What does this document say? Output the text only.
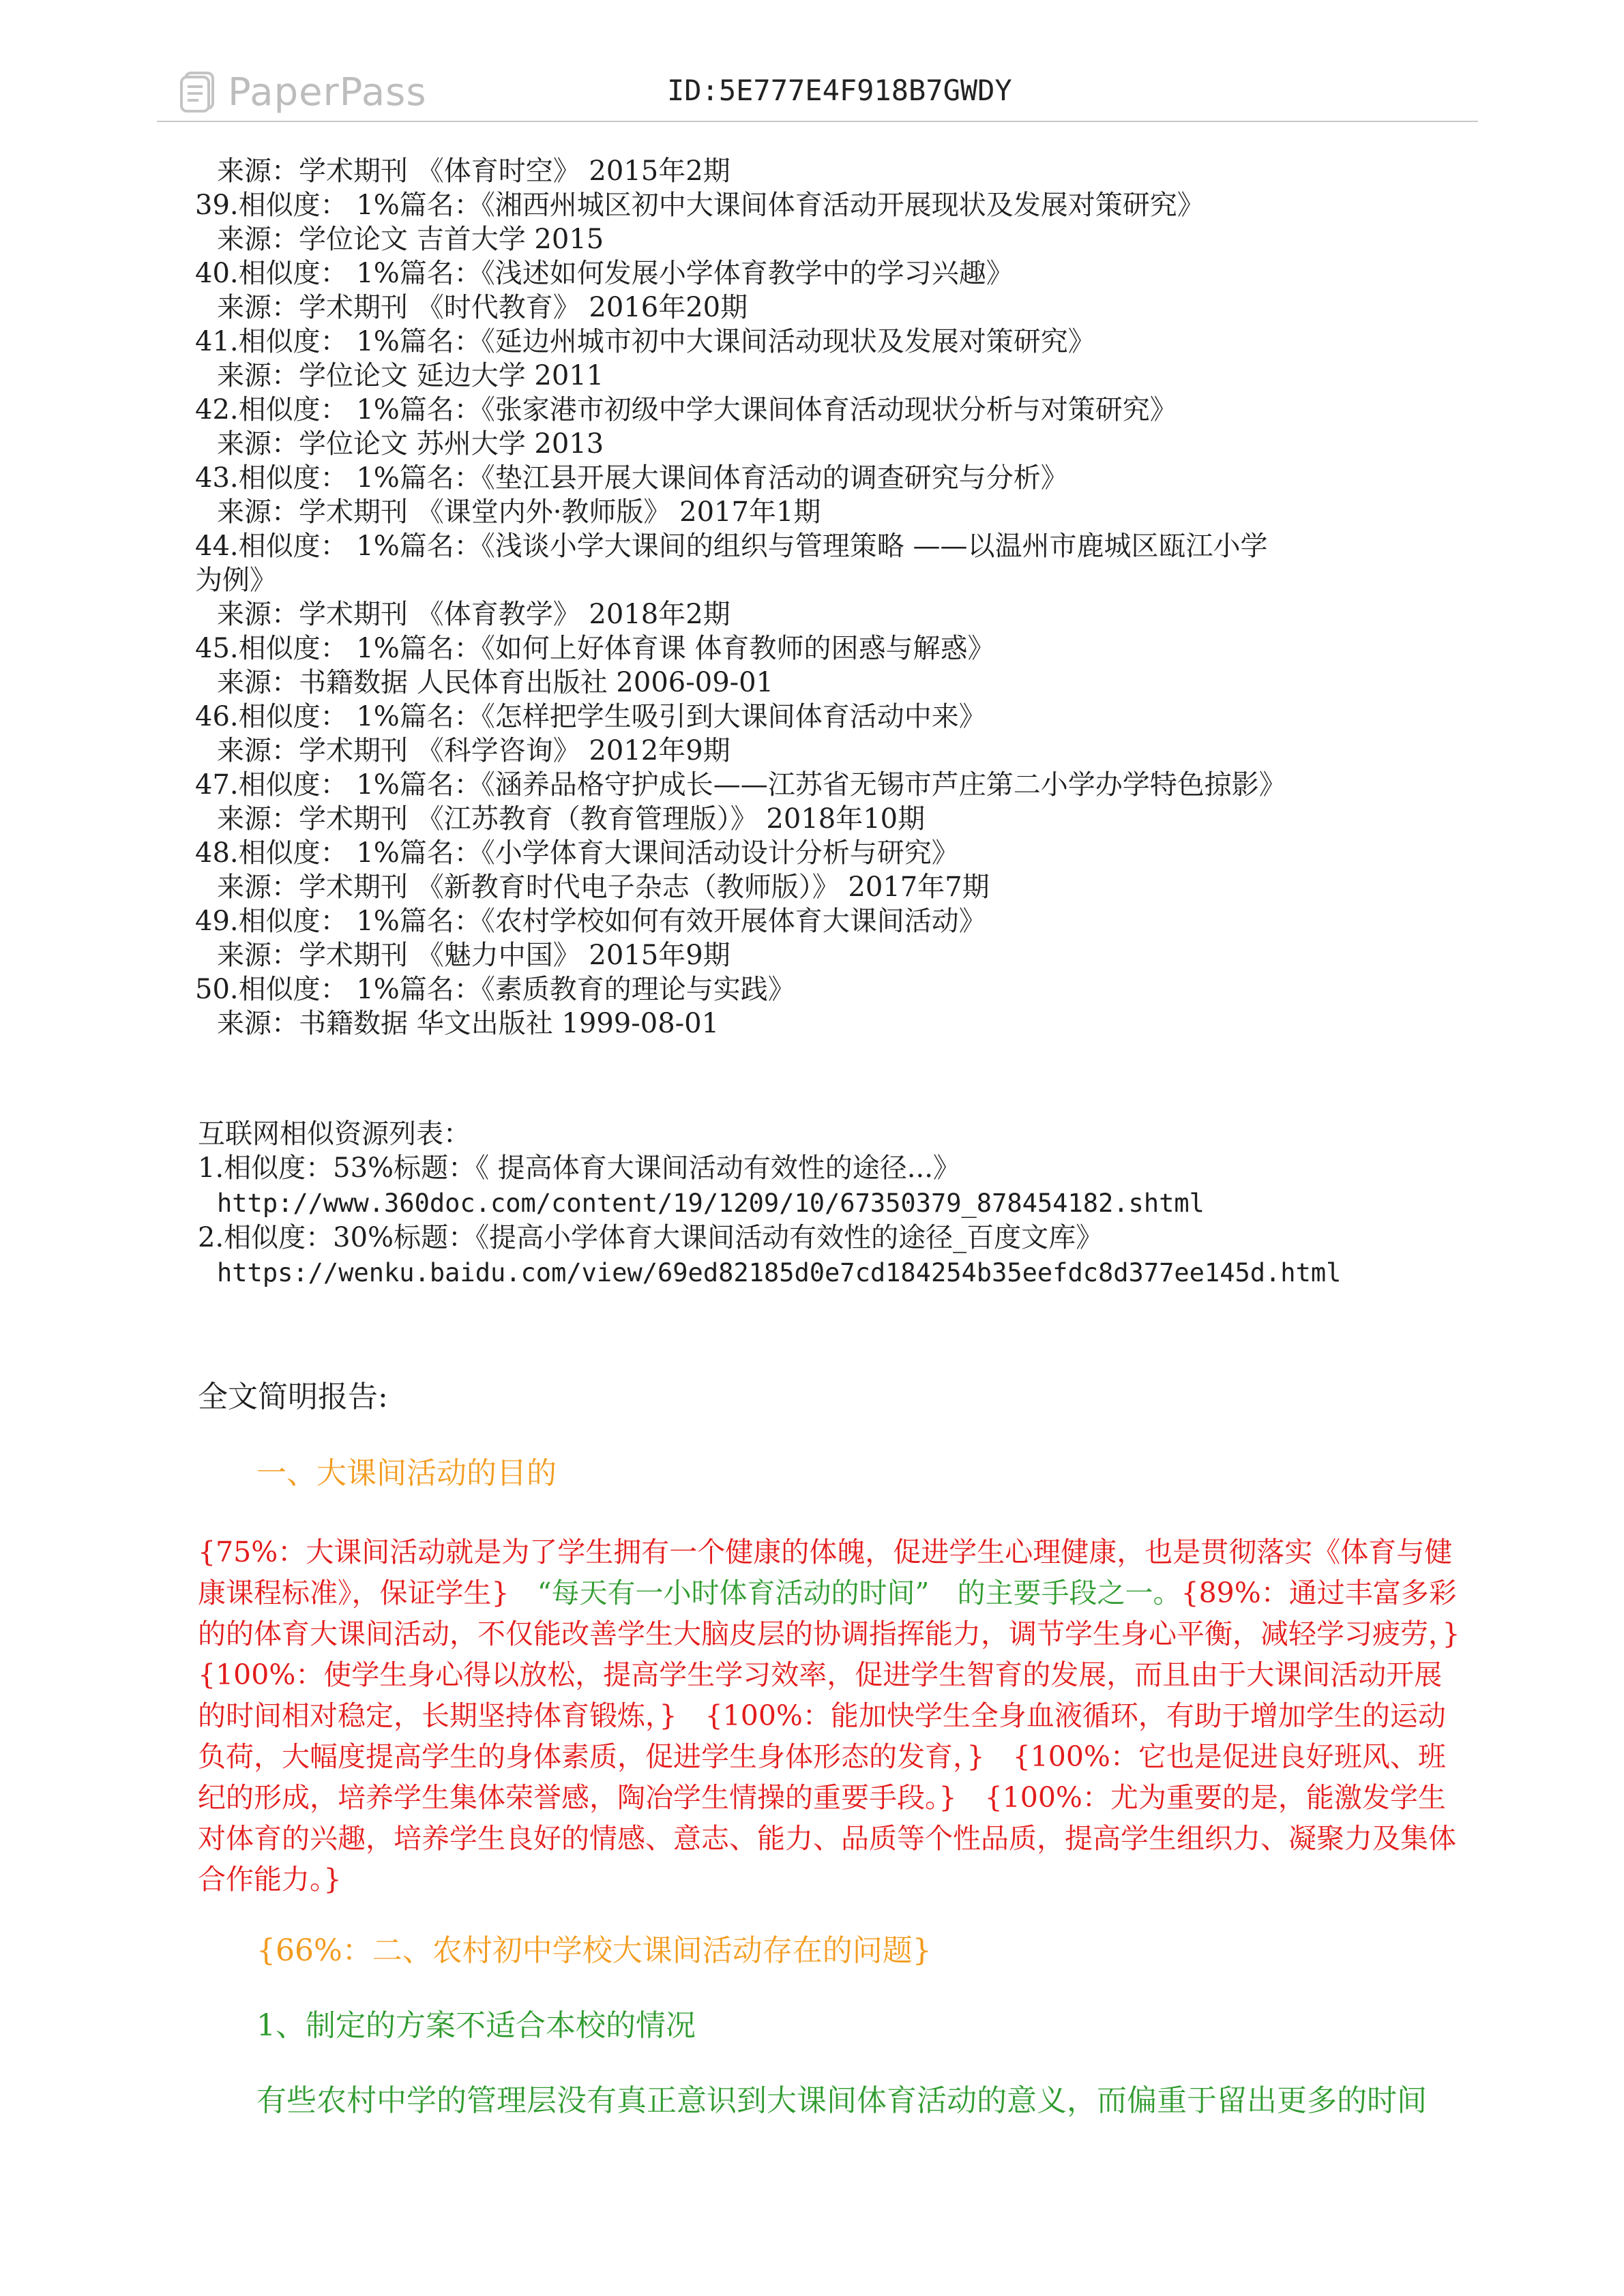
PaperPass	ID:5E777E4F918B7GWDY
来源：学术期刊 《体育时空》 2015年2期
39.相似度： 1%篇名：《湘西州城区初中大课间体育活动开展现状及发展对策研究》
来源：学位论文 吉首大学 2015
40.相似度： 1%篇名：《浅述如何发展小学体育教学中的学习兴趣》
来源：学术期刊 《时代教育》 2016年20期
41.相似度： 1%篇名：《延边州城市初中大课间活动现状及发展对策研究》
来源：学位论文 延边大学 2011
42.相似度： 1%篇名：《张家港市初级中学大课间体育活动现状分析与对策研究》
来源：学位论文 苏州大学 2013
43.相似度： 1%篇名：《垫江县开展大课间体育活动的调查研究与分析》
来源：学术期刊 《课堂内外·教师版》 2017年1期
44.相似度： 1%篇名：《浅谈小学大课间的组织与管理策略 ——以温州市鹿城区瓯江小学
为例》
来源：学术期刊 《体育教学》 2018年2期
45.相似度： 1%篇名：《如何上好体育课 体育教师的困惑与解惑》
来源：书籍数据 人民体育出版社 2006-09-01
46.相似度： 1%篇名：《怎样把学生吸引到大课间体育活动中来》
来源：学术期刊 《科学咨询》 2012年9期
47.相似度： 1%篇名：《涵养品格守护成长——江苏省无锡市芦庄第二小学办学特色掠影》
来源：学术期刊 《江苏教育（教育管理版）》 2018年10期
48.相似度： 1%篇名：《小学体育大课间活动设计分析与研究》
来源：学术期刊 《新教育时代电子杂志（教师版）》 2017年7期
49.相似度： 1%篇名：《农村学校如何有效开展体育大课间活动》
来源：学术期刊 《魅力中国》 2015年9期
50.相似度： 1%篇名：《素质教育的理论与实践》
来源：书籍数据 华文出版社 1999-08-01
互联网相似资源列表：
1.相似度：53%标题：《 提高体育大课间活动有效性的途径...》
http://www.360doc.com/content/19/1209/10/67350379_878454182.shtml
2.相似度：30%标题：《提高小学体育大课间活动有效性的途径_百度文库》
https://wenku.baidu.com/view/69ed82185d0e7cd184254b35eefdc8d377ee145d.html
全文简明报告:
一、大课间活动的目的
{75%：大课间活动就是为了学生拥有一个健康的体魄，促进学生心理健康，也是贯彻落实《体育与健康课程标准》，保证学生}　 “每天有一小时体育活动的时间”　 的主要手段之一。{89%：通过丰富多彩的的体育大课间活动，不仅能改善学生大脑皮层的协调指挥能力，调节学生身心平衡，减轻学习疲劳，}　{100%：使学生身心得以放松，提高学生学习效率，促进学生智育的发展，而且由于大课间活动开展的时间相对稳定，长期坚持体育锻炼，}　{100%：能加快学生全身血液循环，有助于增加学生的运动负荷，大幅度提高学生的身体素质，促进学生身体形态的发育，}　{100%：它也是促进良好班风、班纪的形成，培养学生集体荣誉感，陶冶学生情操的重要手段。}　{100%：尤为重要的是，能激发学生对体育的兴趣，培养学生良好的情感、意志、能力、品质等个性品质，提高学生组织力、凝聚力及集体合作能力。}
{66%：二、农村初中学校大课间活动存在的问题}
1、制定的方案不适合本校的情况
有些农村中学的管理层没有真正意识到大课间体育活动的意义，而偏重于留出更多的时间
